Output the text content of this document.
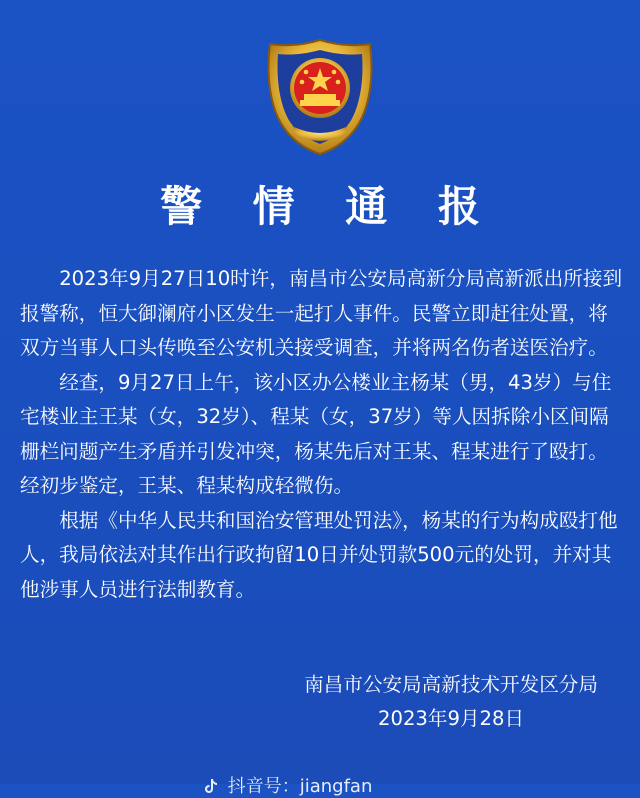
警 情 通 报

2023年9月27日10时许，南昌市公安局高新分局高新派出所接到报警称，恒大御澜府小区发生一起打人事件。民警立即赶往处置，将双方当事人口头传唤至公安机关接受调查，并将两名伤者送医治疗。

经查，9月27日上午，该小区办公楼业主杨某（男，43岁）与住宅楼业主王某（女，32岁）、程某（女，37岁）等人因拆除小区间隔栅栏问题产生矛盾并引发冲突，杨某先后对王某、程某进行了殴打。经初步鉴定，王某、程某构成轻微伤。

根据《中华人民共和国治安管理处罚法》，杨某的行为构成殴打他人，我局依法对其作出行政拘留10日并处罚款500元的处罚，并对其他涉事人员进行法制教育。

南昌市公安局高新技术开发区分局
2023年9月28日
抖音号：jiangfan
